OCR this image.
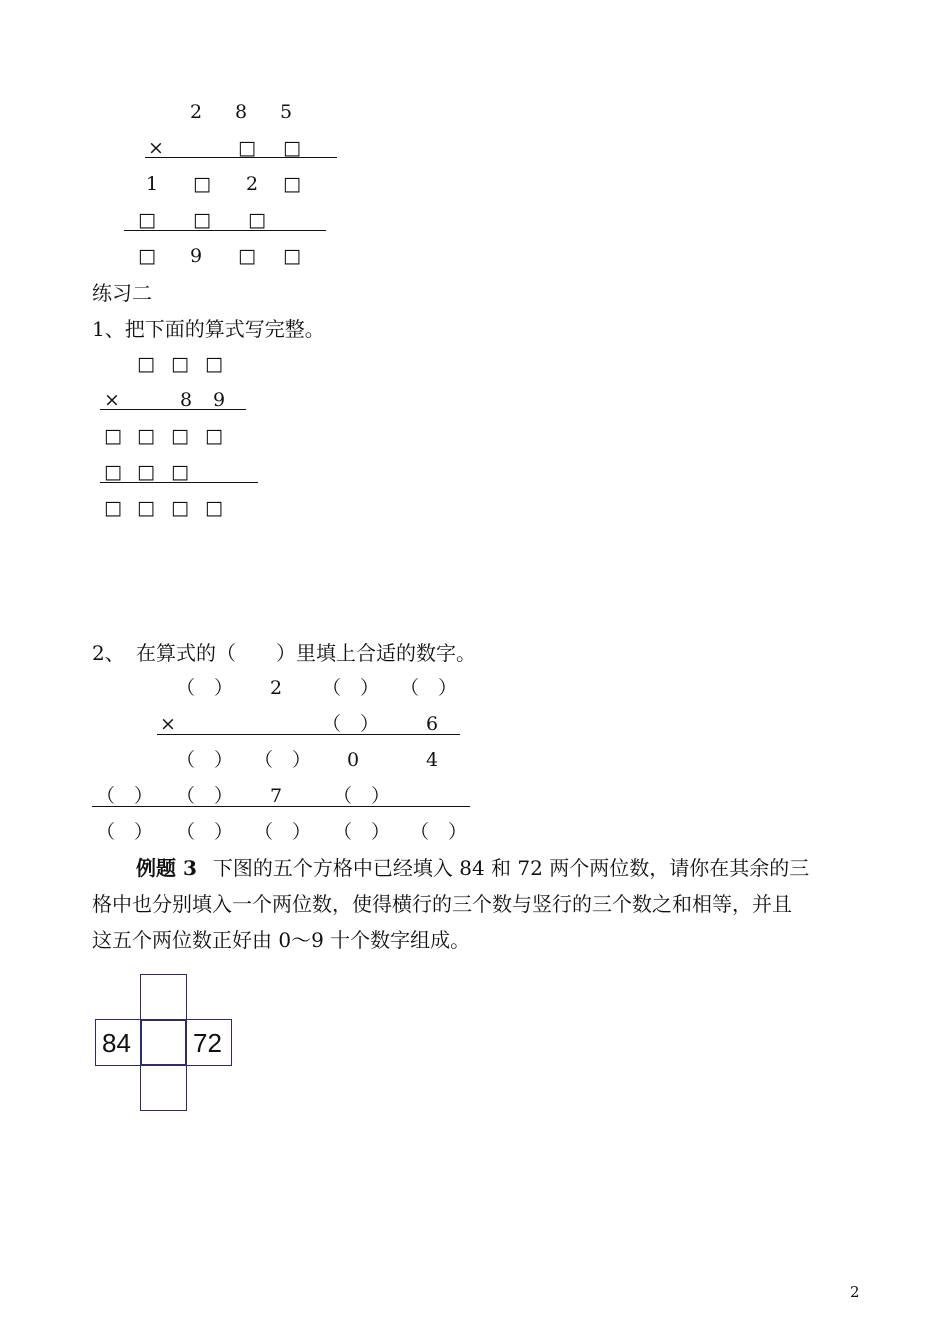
2 8 5
×	□ □
1 □ 2 □
□ □ □
□ 9 □ □
练习二
1、把下面的算式写完整。
□ □ □
×	8 9
□ □ □ □
□ □ □
□ □ □ □
2、 在算式的（　　）里填上合适的数字。
（　） 2 （　） （　）
×	（　） 6
（　） （　） 0	4
（　） （　） 7	（　）
（　） （　） （　） （　） （　）
例题 3 下图的五个方格中已经填入 84 和 72 两个两位数，请你在其余的三
格中也分别填入一个两位数，使得横行的三个数与竖行的三个数之和相等，并且
这五个两位数正好由 0～9 十个数字组成。
84 72
2
